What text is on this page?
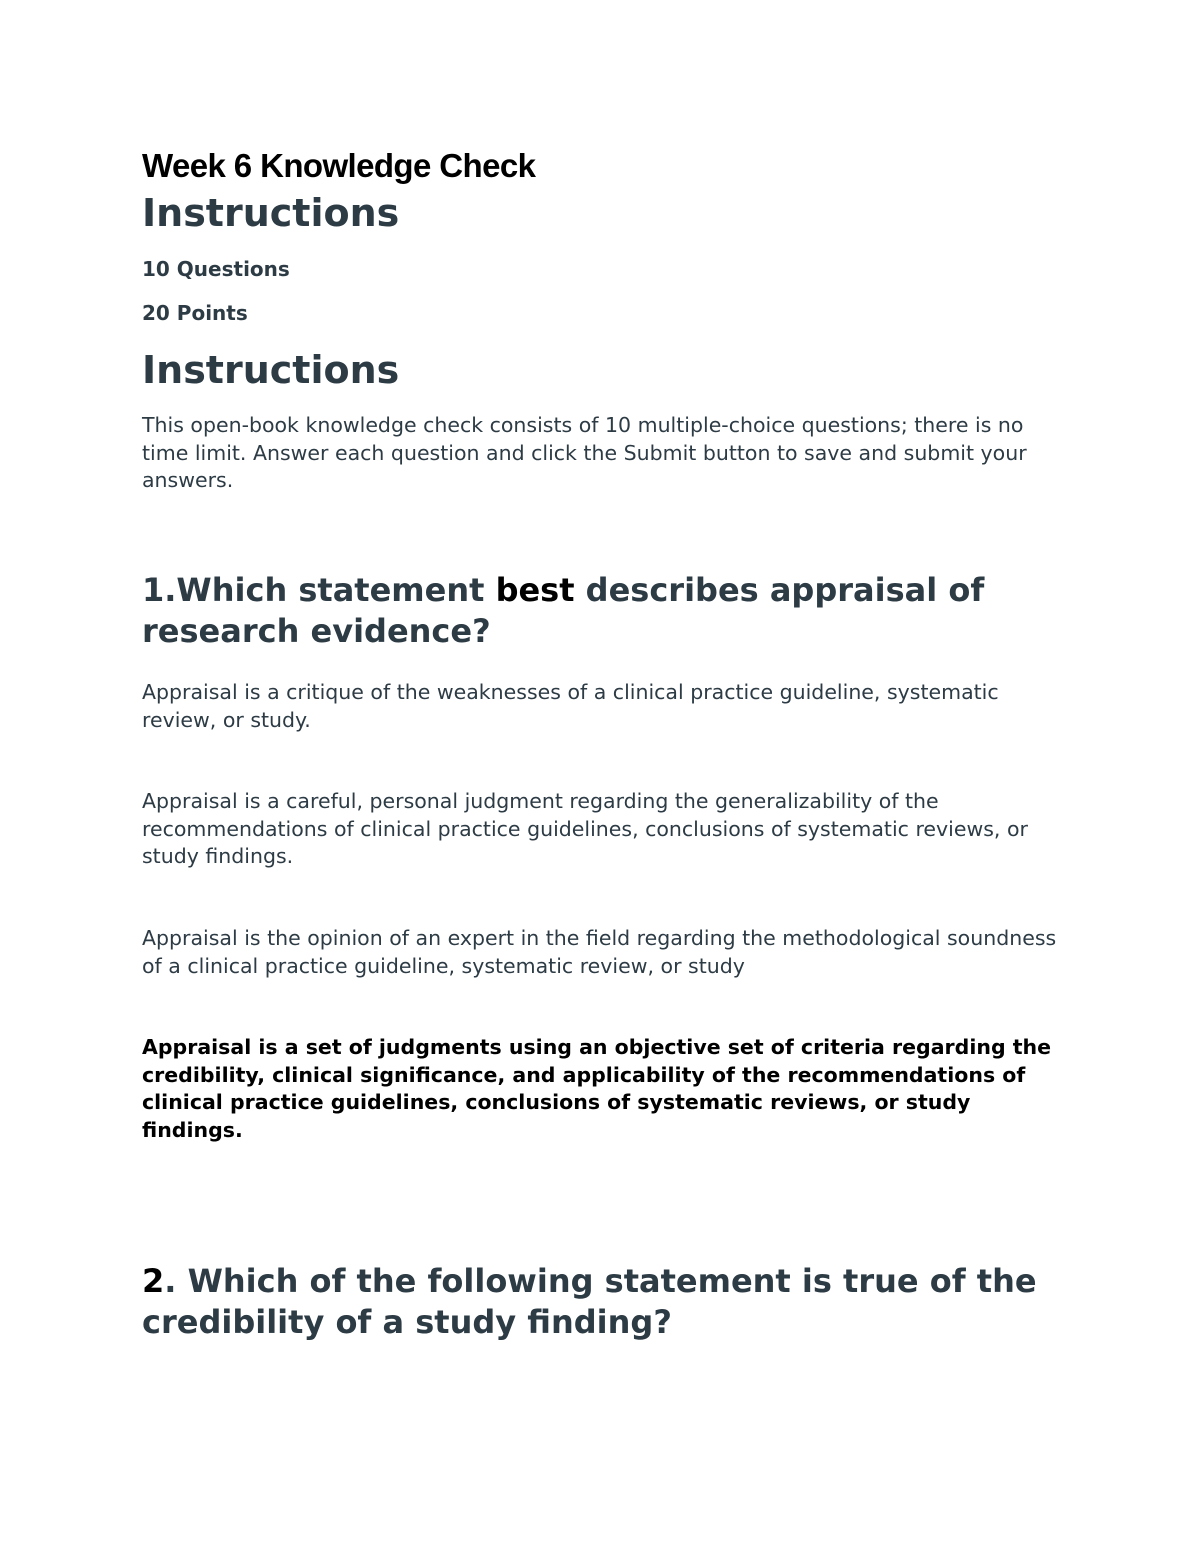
Week 6 Knowledge Check
Instructions

10 Questions

20 Points

Instructions

This open-book knowledge check consists of 10 multiple-choice questions; there is no time limit. Answer each question and click the Submit button to save and submit your answers.

1.Which statement best describes appraisal of research evidence?

Appraisal is a critique of the weaknesses of a clinical practice guideline, systematic review, or study.

Appraisal is a careful, personal judgment regarding the generalizability of the recommendations of clinical practice guidelines, conclusions of systematic reviews, or study findings.

Appraisal is the opinion of an expert in the field regarding the methodological soundness of a clinical practice guideline, systematic review, or study

Appraisal is a set of judgments using an objective set of criteria regarding the credibility, clinical significance, and applicability of the recommendations of clinical practice guidelines, conclusions of systematic reviews, or study findings.

2. Which of the following statement is true of the credibility of a study finding?
